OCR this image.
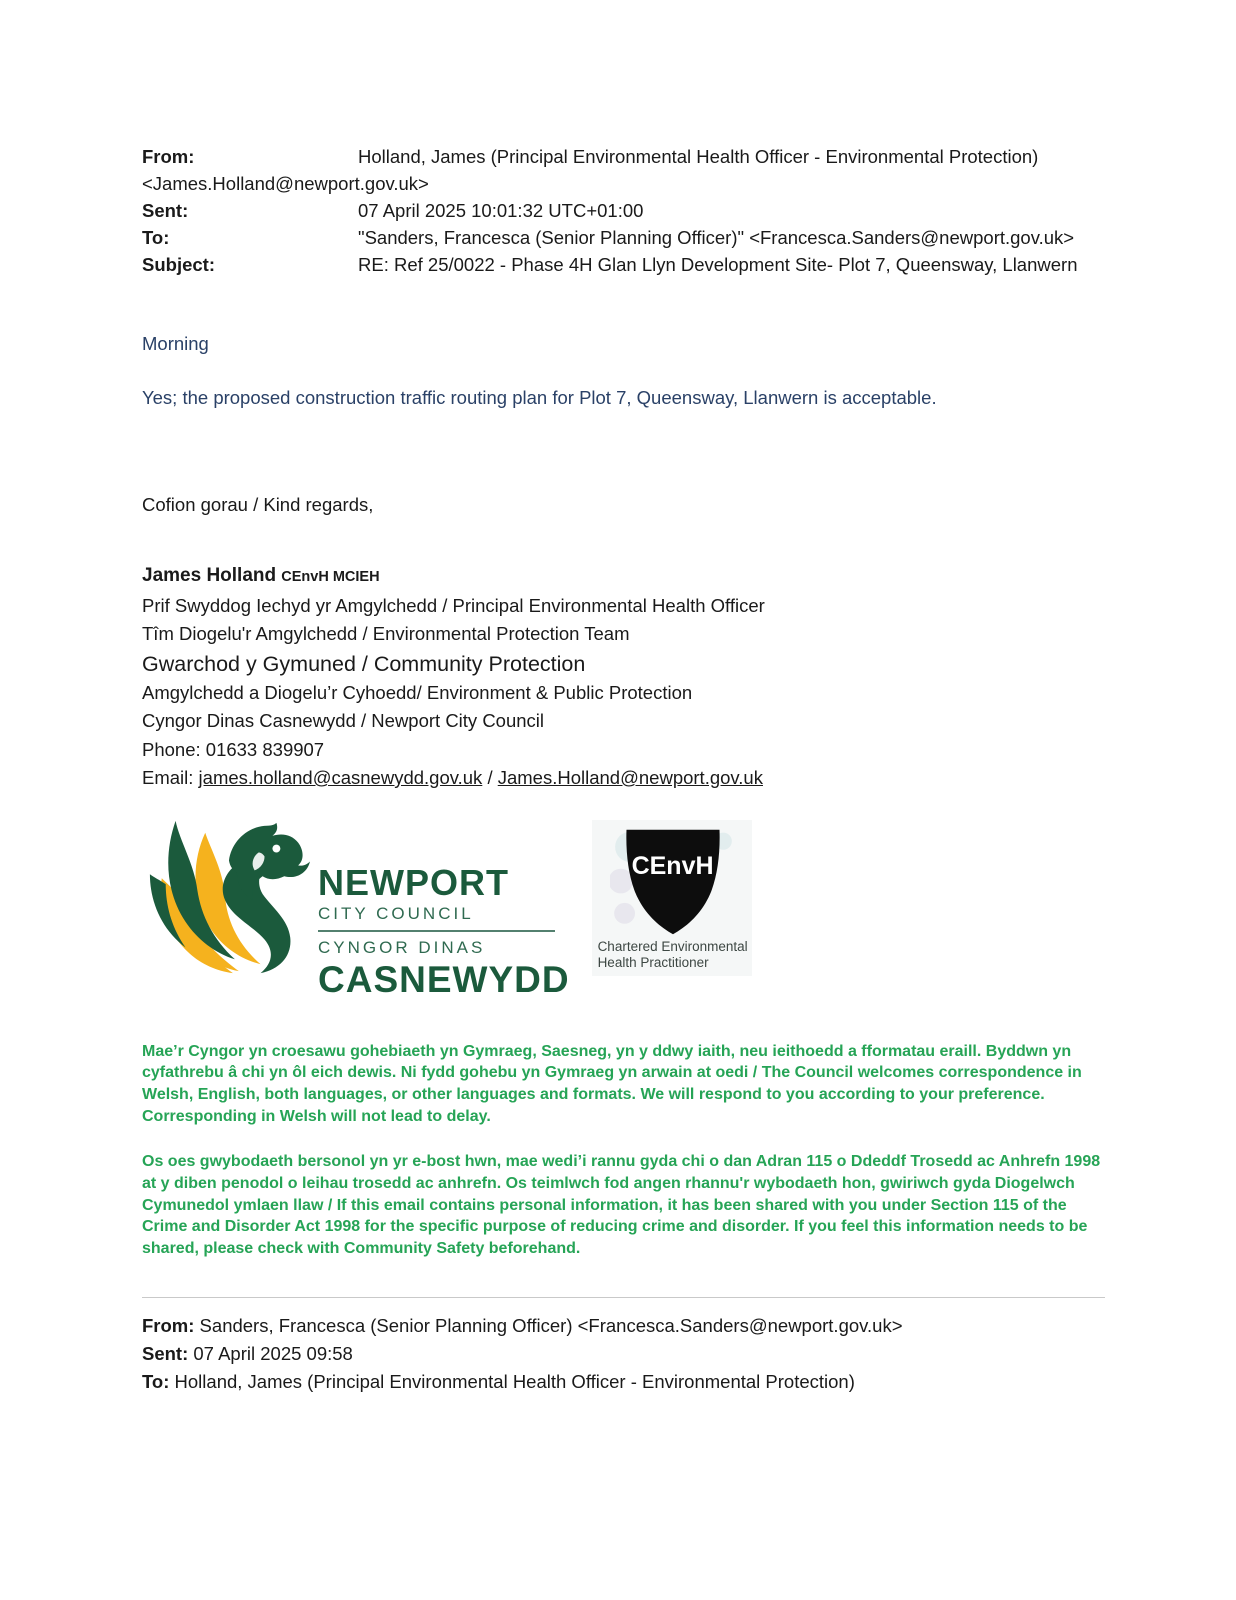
From:	Holland, James (Principal Environmental Health Officer - Environmental Protection) <James.Holland@newport.gov.uk>

Sent:	07 April 2025 10:01:32 UTC+01:00

To:	"Sanders, Francesca (Senior Planning Officer)" <Francesca.Sanders@newport.gov.uk>

Subject:	RE: Ref 25/0022 - Phase 4H Glan Llyn Development Site- Plot 7, Queensway, Llanwern

Morning

Yes; the proposed construction traffic routing plan for Plot 7, Queensway, Llanwern is acceptable.

Cofion gorau / Kind regards,

James Holland CEnvH MCIEH
Prif Swyddog Iechyd yr Amgylchedd / Principal Environmental Health Officer
Tîm Diogelu'r Amgylchedd / Environmental Protection Team
Gwarchod y Gymuned / Community Protection
Amgylchedd a Diogelu’r Cyhoedd/ Environment & Public Protection
Cyngor Dinas Casnewydd / Newport City Council
Phone: 01633 839907
Email: james.holland@casnewydd.gov.uk / James.Holland@newport.gov.uk
NEWPORT
CITY COUNCIL
CYNGOR DINAS
CASNEWYDD
CEnvH
Chartered Environmental
Health Practitioner

Mae’r Cyngor yn croesawu gohebiaeth yn Gymraeg, Saesneg, yn y ddwy iaith, neu ieithoedd a fformatau eraill. Byddwn yn cyfathrebu â chi yn ôl eich dewis. Ni fydd gohebu yn Gymraeg yn arwain at oedi / The Council welcomes correspondence in Welsh, English, both languages, or other languages and formats. We will respond to you according to your preference. Corresponding in Welsh will not lead to delay.

Os oes gwybodaeth bersonol yn yr e-bost hwn, mae wedi’i rannu gyda chi o dan Adran 115 o Ddeddf Trosedd ac Anhrefn 1998 at y diben penodol o leihau trosedd ac anhrefn. Os teimlwch fod angen rhannu'r wybodaeth hon, gwiriwch gyda Diogelwch Cymunedol ymlaen llaw / If this email contains personal information, it has been shared with you under Section 115 of the Crime and Disorder Act 1998 for the specific purpose of reducing crime and disorder. If you feel this information needs to be shared, please check with Community Safety beforehand.

From: Sanders, Francesca (Senior Planning Officer) <Francesca.Sanders@newport.gov.uk>
Sent: 07 April 2025 09:58
To: Holland, James (Principal Environmental Health Officer - Environmental Protection)
